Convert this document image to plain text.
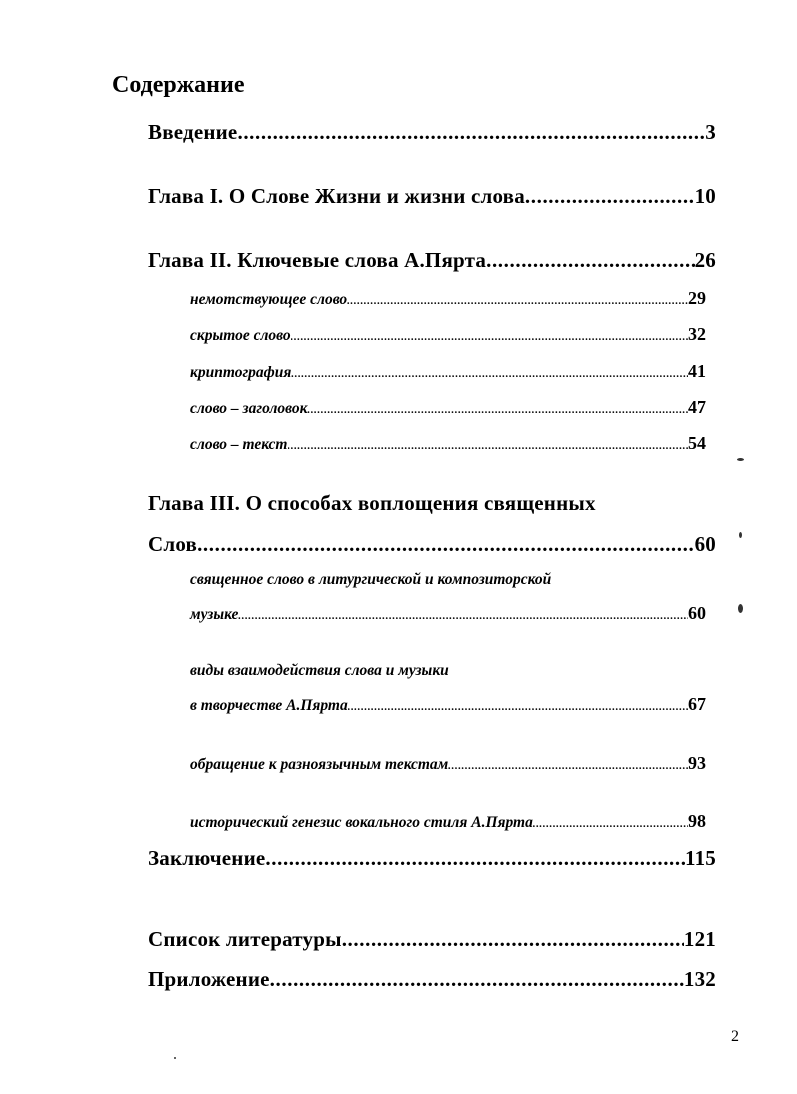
Содержание
Введение .....	3
Глава I. О Слове Жизни и жизни слова .....	10
Глава II. Ключевые слова А.Пярта .....	26
немотствующее слово .....	29
скрытое слово .....	32
криптография .....	41
слово – заголовок .....	47
слово – текст .....	54
Глава III. О способах воплощения священных
Слов .....	60
священное слово в литургической и композиторской
музыке .....	60
виды взаимодействия слова и музыки
в творчестве А.Пярта .....	67
обращение к разноязычным текстам .....	93
исторический генезис вокального стиля А.Пярта .....	98
Заключение .....	115
Список литературы .....	121
Приложение .....	132
2
